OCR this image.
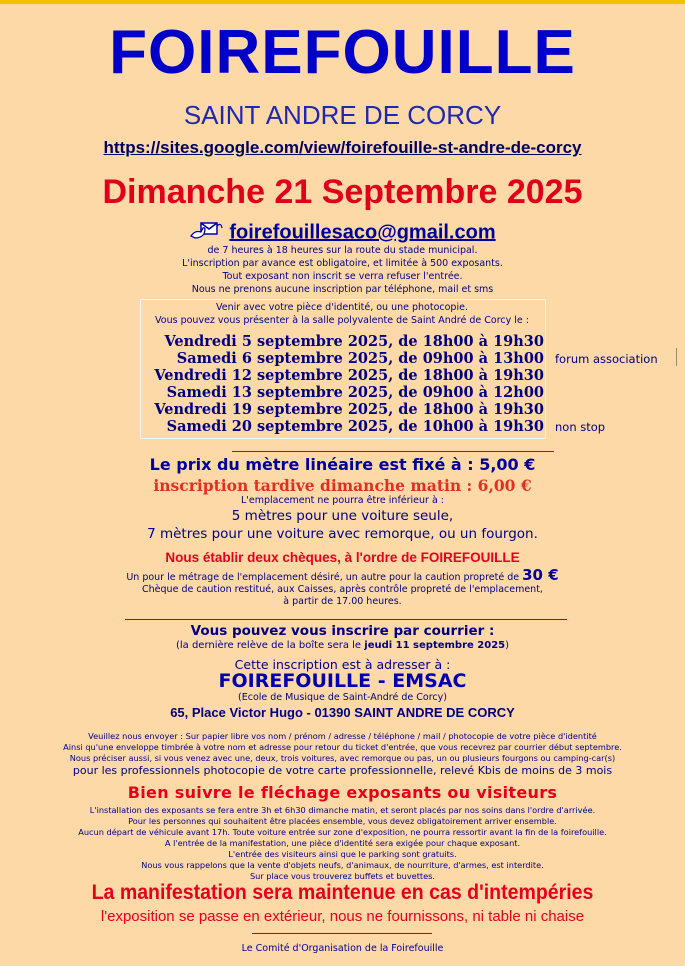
FOIREFOUILLE
SAINT ANDRE DE CORCY
https://sites.google.com/view/foirefouille-st-andre-de-corcy
Dimanche 21 Septembre 2025
foirefouillesaco@gmail.com
de 7 heures à 18 heures sur la route du stade municipal.
L'inscription par avance est obligatoire, et limitée à 500 exposants.
Tout exposant non inscrit se verra refuser l'entrée.
Nous ne prenons aucune inscription par téléphone, mail et sms
Venir avec votre pièce d'identité, ou une photocopie.
Vous pouvez vous présenter à la salle polyvalente de Saint André de Corcy le :
Vendredi 5 septembre 2025, de 18h00 à 19h30
Samedi 6 septembre 2025, de 09h00 à 13h00 forum association
Vendredi 12 septembre 2025, de 18h00 à 19h30
Samedi 13 septembre 2025, de 09h00 à 12h00
Vendredi 19 septembre 2025, de 18h00 à 19h30
Samedi 20 septembre 2025, de 10h00 à 19h30 non stop
Le prix du mètre linéaire est fixé à : 5,00 €
inscription tardive dimanche matin : 6,00 €
L'emplacement ne pourra être inférieur à :
5 mètres pour une voiture seule,
7 mètres pour une voiture avec remorque, ou un fourgon.
Nous établir deux chèques, à l'ordre de FOIREFOUILLE
Un pour le métrage de l'emplacement désiré, un autre pour la caution propreté de 30 €
Chèque de caution restitué, aux Caisses, après contrôle propreté de l'emplacement,
à partir de 17.00 heures.
Vous pouvez vous inscrire par courrier :
(la dernière relève de la boîte sera le jeudi 11 septembre 2025)
Cette inscription est à adresser à :
FOIREFOUILLE - EMSAC
(Ecole de Musique de Saint-André de Corcy)
65, Place Victor Hugo - 01390 SAINT ANDRE DE CORCY
Veuillez nous envoyer : Sur papier libre vos nom / prénom / adresse / téléphone / mail / photocopie de votre pièce d'identité
Ainsi qu'une enveloppe timbrée à votre nom et adresse pour retour du ticket d'entrée, que vous recevrez par courrier début septembre.
Nous préciser aussi, si vous venez avec une, deux, trois voitures, avec remorque ou pas, un ou plusieurs fourgons ou camping-car(s)
pour les professionnels photocopie de votre carte professionnelle, relevé Kbis de moins de 3 mois
Bien suivre le fléchage exposants ou visiteurs
L'installation des exposants se fera entre 3h et 6h30 dimanche matin, et seront placés par nos soins dans l'ordre d'arrivée.
Pour les personnes qui souhaitent être placées ensemble, vous devez obligatoirement arriver ensemble.
Aucun départ de véhicule avant 17h. Toute voiture entrée sur zone d'exposition, ne pourra ressortir avant la fin de la foirefouille.
A l'entrée de la manifestation, une pièce d'identité sera exigée pour chaque exposant.
L'entrée des visiteurs ainsi que le parking sont gratuits.
Nous vous rappelons que la vente d'objets neufs, d'animaux, de nourriture, d'armes, est interdite.
Sur place vous trouverez buffets et buvettes.
La manifestation sera maintenue en cas d'intempéries
l'exposition se passe en extérieur, nous ne fournissons, ni table ni chaise
Le Comité d'Organisation de la Foirefouille
